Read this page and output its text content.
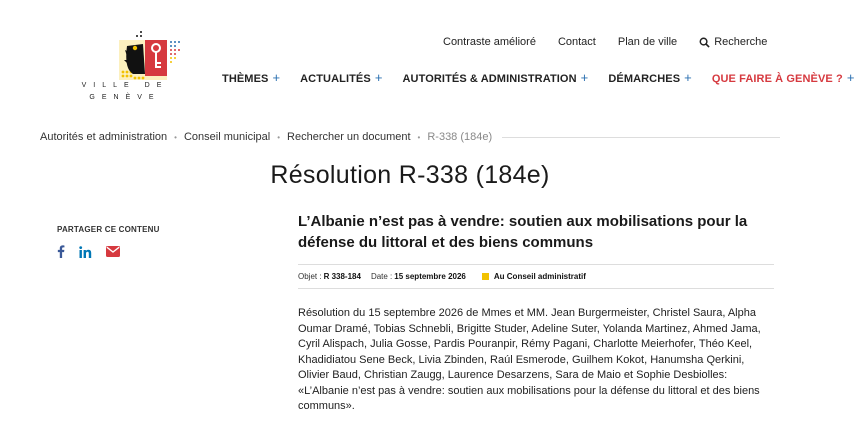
VILLE DE
GENÈVE
Contraste amélioré Contact Plan de ville	Recherche
THÈMES + ACTUALITÉS + AUTORITÉS & ADMINISTRATION + DÉMARCHES + QUE FAIRE À GENÈVE ? +
Autorités et administration • Conseil municipal • Rechercher un document • R-338 (184e)
Résolution R-338 (184e)
PARTAGER CE CONTENU	L’Albanie n’est pas à vendre: soutien aux mobilisations pour la défense du littoral et des biens communs
Objet : R 338-184 Date : 15 septembre 2026	Au Conseil administratif

Résolution du 15 septembre 2026 de Mmes et MM. Jean Burgermeister, Christel Saura, Alpha Oumar Dramé, Tobias Schnebli, Brigitte Studer, Adeline Suter, Yolanda Martinez, Ahmed Jama, Cyril Alispach, Julia Gosse, Pardis Pouranpir, Rémy Pagani, Charlotte Meierhofer, Théo Keel, Khadidiatou Sene Beck, Livia Zbinden, Raúl Esmerode, Guilhem Kokot, Hanumsha Qerkini, Olivier Baud, Christian Zaugg, Laurence Desarzens, Sara de Maio et Sophie Desbiolles: «L’Albanie n’est pas à vendre: soutien aux mobilisations pour la défense du littoral et des biens communs».
